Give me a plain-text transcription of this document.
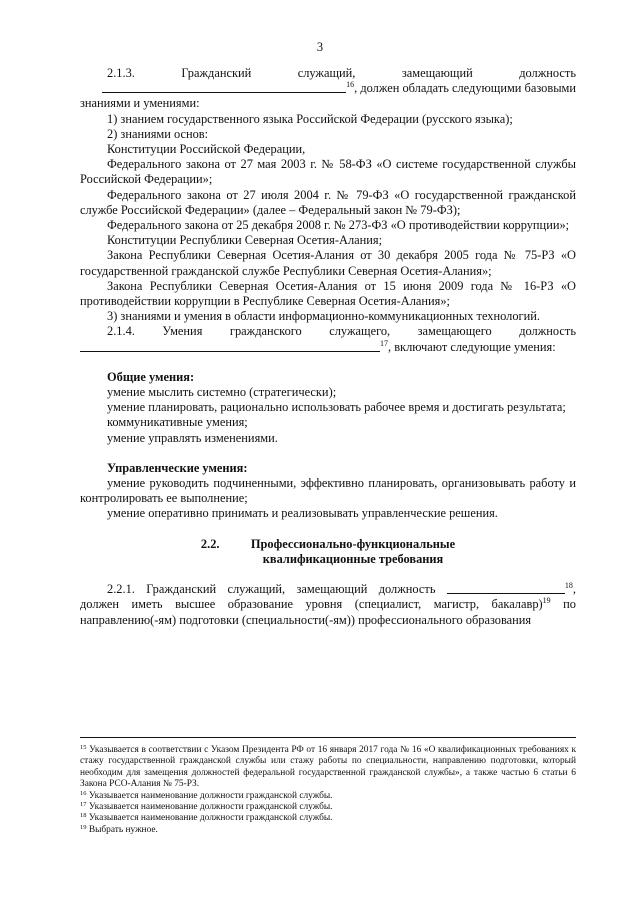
3
2.1.3.	Гражданский	служащий,	замещающий	должность

$^{16}$, должен обладать следующими базовыми

знаниями и умениями:

1) знанием государственного языка Российской Федерации (русского языка);

2) знаниями основ:

Конституции Российской Федерации,

Федерального закона от 27 мая 2003 г. № 58-ФЗ «О системе государственной службы Российской Федерации»;

Федерального закона от 27 июля 2004 г. № 79-ФЗ «О государственной гражданской службе Российской Федерации» (далее – Федеральный закон № 79-ФЗ);

Федерального закона от 25 декабря 2008 г. № 273-ФЗ «О противодействии коррупции»;

Конституции Республики Северная Осетия-Алания;

Закона Республики Северная Осетия-Алания от 30 декабря 2005 года № 75-РЗ «О государственной гражданской службе Республики Северная Осетия-Алания»;

Закона Республики Северная Осетия-Алания от 15 июня 2009 года № 16-РЗ «О противодействии коррупции в Республике Северная Осетия-Алания»;

3) знаниями и умения в области информационно-коммуникационных технологий.

2.1.4. Умения гражданского служащего, замещающего должность

$^{17}$, включают следующие умения:

Общие умения:

умение мыслить системно (стратегически);

умение планировать, рационально использовать рабочее время и достигать результата;

коммуникативные умения;

умение управлять изменениями.

Управленческие умения:

умение руководить подчиненными, эффективно планировать, организовывать работу и контролировать ее выполнение;

умение оперативно принимать и реализовывать управленческие решения.

2.2.	Профессионально-функциональные

квалификационные требования

2.2.1. Гражданский служащий, замещающий должность	$^{18}$, должен иметь высшее образование уровня (специалист, магистр, бакалавр)$^{19}$ по направлению(-ям) подготовки (специальности(-ям)) профессионального образования

$^{15}$ Указывается в соответствии с Указом Президента РФ от 16 января 2017 года № 16 «О квалификационных требованиях к стажу государственной гражданской службы или стажу работы по специальности, направлению подготовки, который необходим для замещения должностей федеральной государственной гражданской службы», а также частью 6 статьи 6 Закона РСО-Алания № 75-РЗ.

$^{16}$ Указывается наименование должности гражданской службы.

$^{17}$ Указывается наименование должности гражданской службы.

$^{18}$ Указывается наименование должности гражданской службы.

$^{19}$ Выбрать нужное.
